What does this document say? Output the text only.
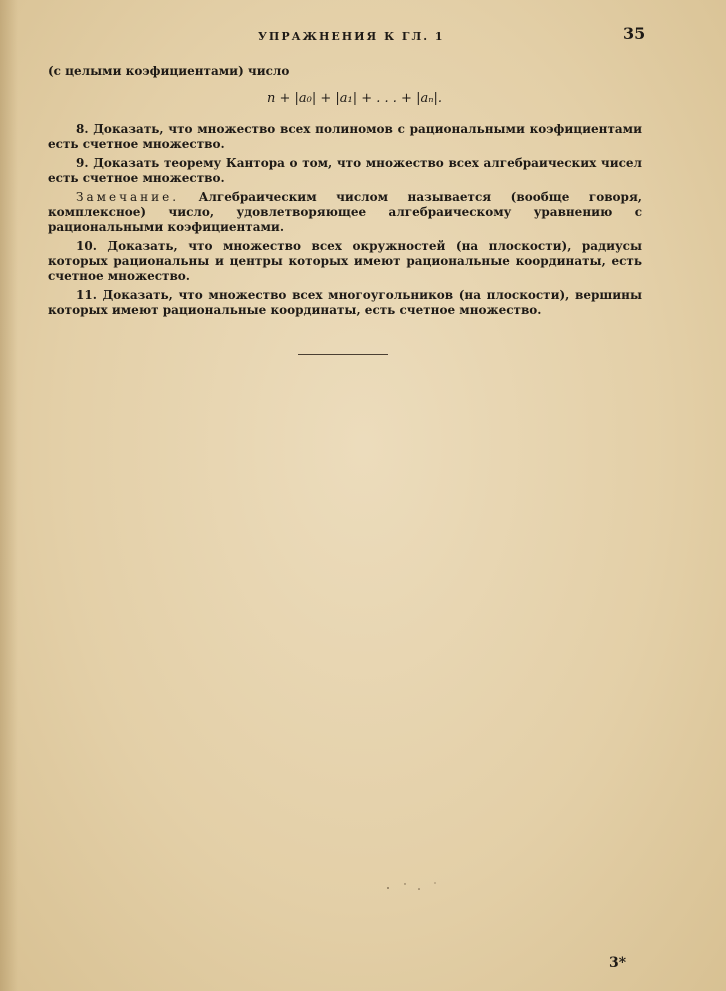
УПРАЖНЕНИЯ К ГЛ. 1	35

(с целыми коэфициентами) число

n + |a₀| + |a₁| + . . . + |aₙ|.

8. Доказать, что множество всех полиномов с рациональными коэфициентами есть счетное множество.

9. Доказать теорему Кантора о том, что множество всех алгебраических чисел есть счетное множество.

Замечание. Алгебраическим числом называется (вообще говоря, комплексное) число, удовлетворяющее алгебраическому уравнению с рациональными коэфициентами.

10. Доказать, что множество всех окружностей (на плоскости), радиусы которых рациональны и центры которых имеют рациональные координаты, есть счетное множество.

11. Доказать, что множество всех многоугольников (на плоскости), вершины которых имеют рациональные координаты, есть счетное множество.

3*
